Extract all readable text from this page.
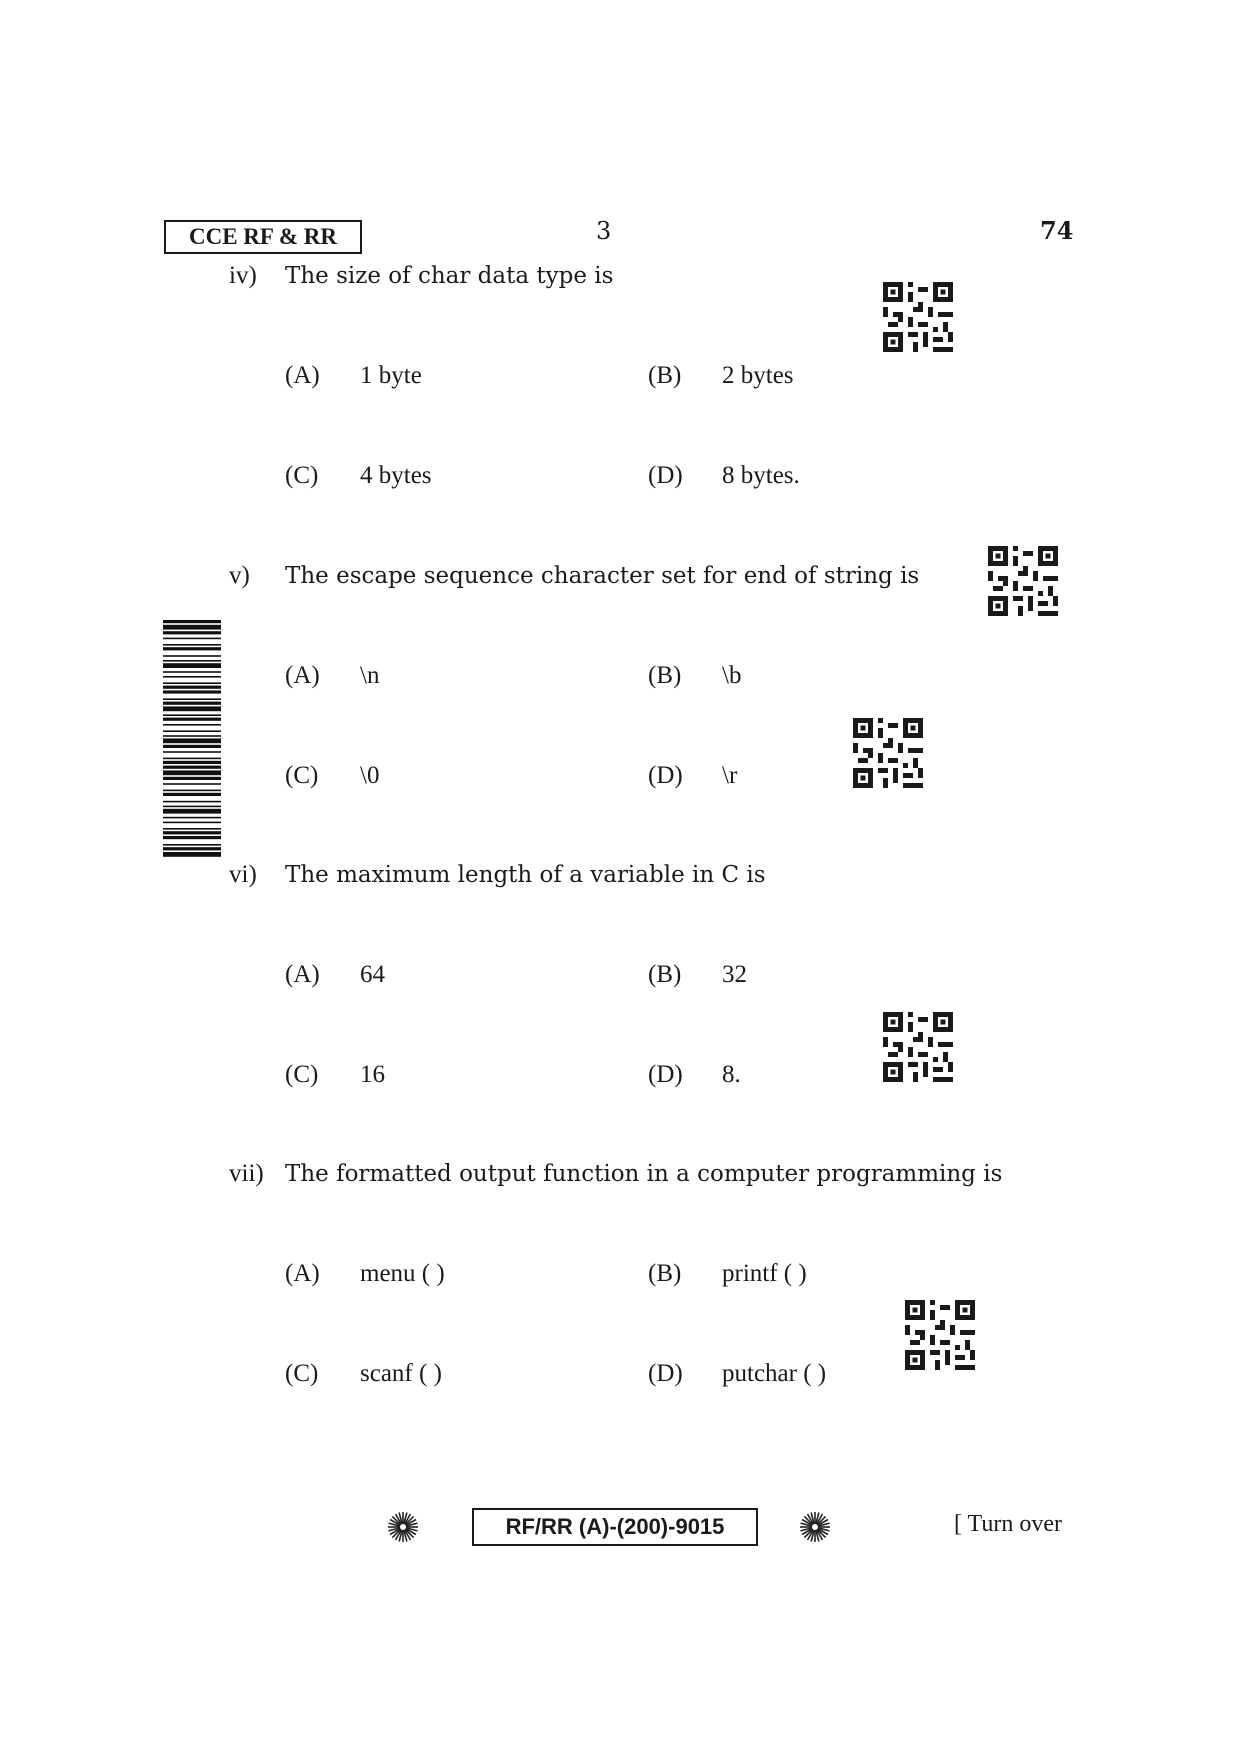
CCE RF & RR	3	74
iv) The size of char data type is
(A) 1 byte	(B) 2 bytes
(C) 4 bytes	(D) 8 bytes.
v) The escape sequence character set for end of string is
(A) \n	(B) \b
(C) \0	(D) \r
vi) The maximum length of a variable in C is
(A) 64	(B) 32
(C) 16	(D) 8.
vii) The formatted output function in a computer programming is
(A) menu ( )	(B) printf ( )
(C) scanf ( )	(D) putchar ( )
RF/RR (A)-(200)-9015	[ Turn over
